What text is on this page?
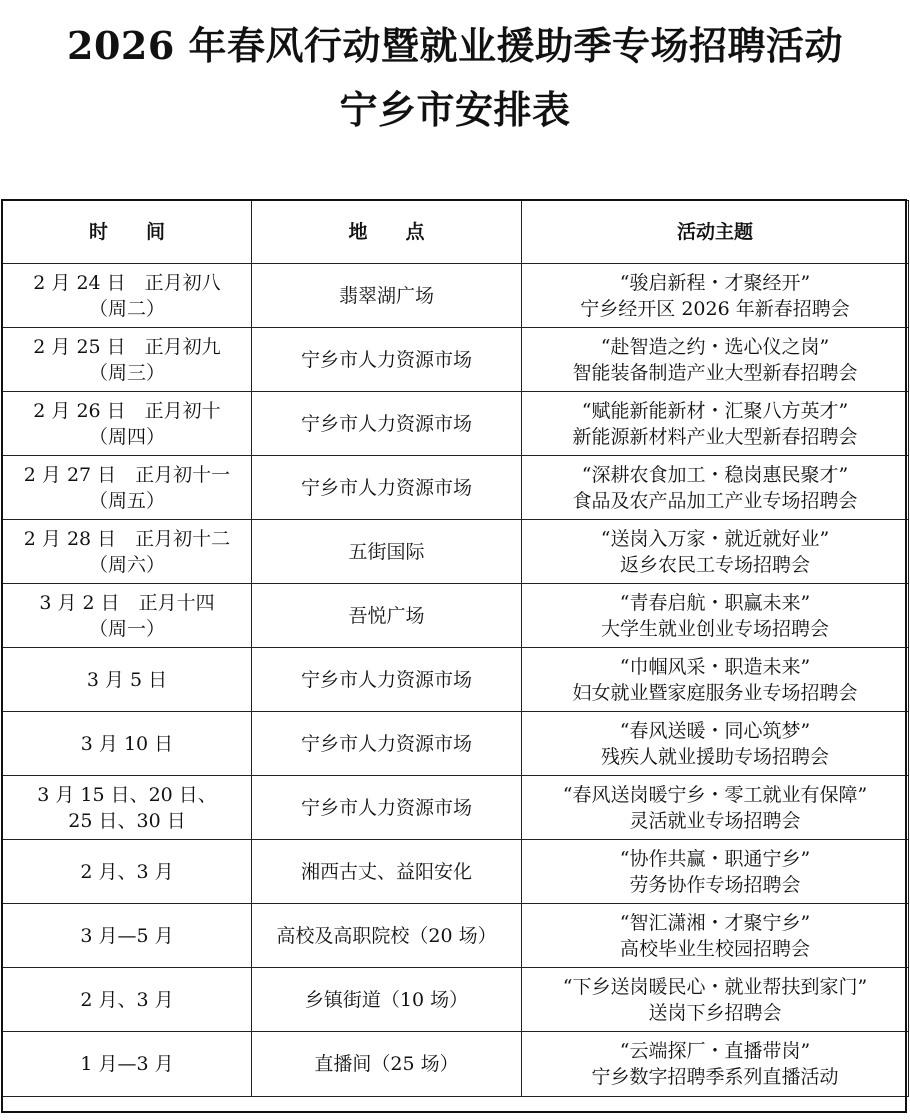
2026 年春风行动暨就业援助季专场招聘活动
宁乡市安排表
时　　间	地　　点	活动主题

2 月 24 日　正月初八
（周二）	翡翠湖广场	“骏启新程・才聚经开”
宁乡经开区 2026 年新春招聘会

2 月 25 日　正月初九
（周三）	宁乡市人力资源市场	“赴智造之约・选心仪之岗”
智能装备制造产业大型新春招聘会

2 月 26 日　正月初十
（周四）	宁乡市人力资源市场	“赋能新能新材・汇聚八方英才”
新能源新材料产业大型新春招聘会

2 月 27 日　正月初十一
（周五）	宁乡市人力资源市场	“深耕农食加工・稳岗惠民聚才”
食品及农产品加工产业专场招聘会

2 月 28 日　正月初十二
（周六）	五街国际	“送岗入万家・就近就好业”
返乡农民工专场招聘会

3 月 2 日　正月十四
（周一）	吾悦广场	“青春启航・职赢未来”
大学生就业创业专场招聘会

3 月 5 日	宁乡市人力资源市场	“巾帼风采・职造未来”
妇女就业暨家庭服务业专场招聘会

3 月 10 日	宁乡市人力资源市场	“春风送暖・同心筑梦”
残疾人就业援助专场招聘会

3 月 15 日、20 日、
25 日、30 日	宁乡市人力资源市场	“春风送岗暖宁乡・零工就业有保障”
灵活就业专场招聘会

2 月、3 月	湘西古丈、益阳安化	“协作共赢・职通宁乡”
劳务协作专场招聘会

3 月—5 月	高校及高职院校（20 场）	“智汇潇湘・才聚宁乡”
高校毕业生校园招聘会

2 月、3 月	乡镇街道（10 场）	“下乡送岗暖民心・就业帮扶到家门”
送岗下乡招聘会

1 月—3 月	直播间（25 场）	“云端探厂・直播带岗”
宁乡数字招聘季系列直播活动
